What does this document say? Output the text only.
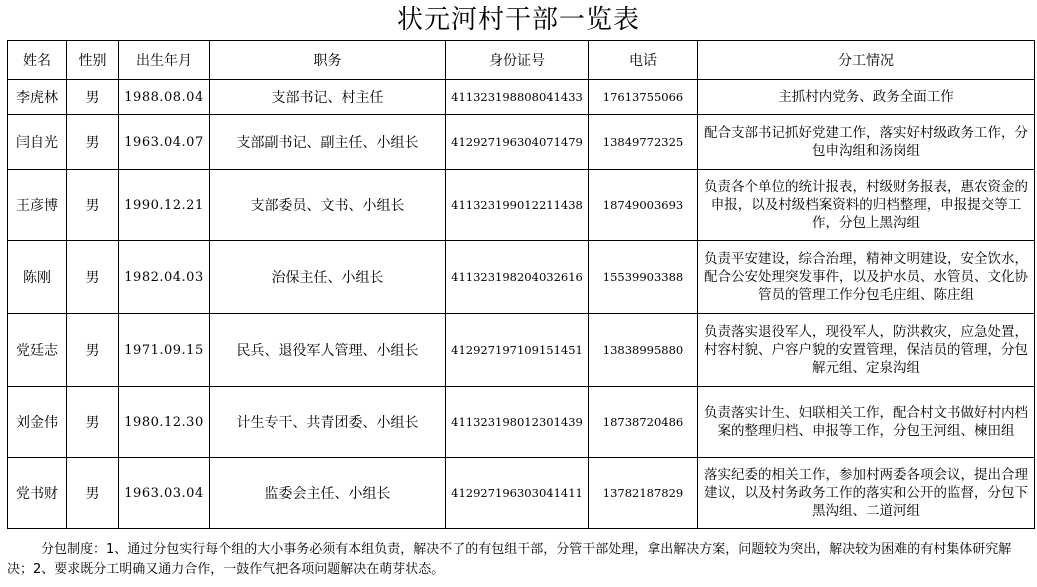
状元河村干部一览表
姓名	性别	出生年月	职务	身份证号	电话	分工情况
李虎林	男	1988.08.04	支部书记、村主任	411323198808041433	17613755066	主抓村内党务、政务全面工作
闫自光	男	1963.04.07	支部副书记、副主任、小组长	412927196304071479	13849772325	配合支部书记抓好党建工作，落实好村级政务工作，分包申沟组和汤岗组
王彦博	男	1990.12.21	支部委员、文书、小组长	411323199012211438	18749003693	负责各个单位的统计报表，村级财务报表，惠农资金的申报，以及村级档案资料的归档整理，申报提交等工作，分包上黑沟组
陈刚	男	1982.04.03	治保主任、小组长	411323198204032616	15539903388	负责平安建设，综合治理，精神文明建设，安全饮水，配合公安处理突发事件，以及护水员、水管员、文化协管员的管理工作分包毛庄组、陈庄组
党廷志	男	1971.09.15	民兵、退役军人管理、小组长	412927197109151451	13838995880	负责落实退役军人，现役军人，防洪救灾，应急处置，村容村貌、户容户貌的安置管理，保洁员的管理，分包解元组、定泉沟组
刘金伟	男	1980.12.30	计生专干、共青团委、小组长	411323198012301439	18738720486	负责落实计生、妇联相关工作，配合村文书做好村内档案的整理归档、申报等工作，分包王河组、楝田组
党书财	男	1963.03.04	监委会主任、小组长	412927196303041411	13782187829	落实纪委的相关工作，参加村两委各项会议，提出合理建议，以及村务政务工作的落实和公开的监督，分包下黑沟组、二道河组
分包制度：1、通过分包实行每个组的大小事务必须有本组负责，解决不了的有包组干部，分管干部处理，拿出解决方案，问题较为突出，解决较为困难的有村集体研究解决；2、要求既分工明确又通力合作，一鼓作气把各项问题解决在萌芽状态。
